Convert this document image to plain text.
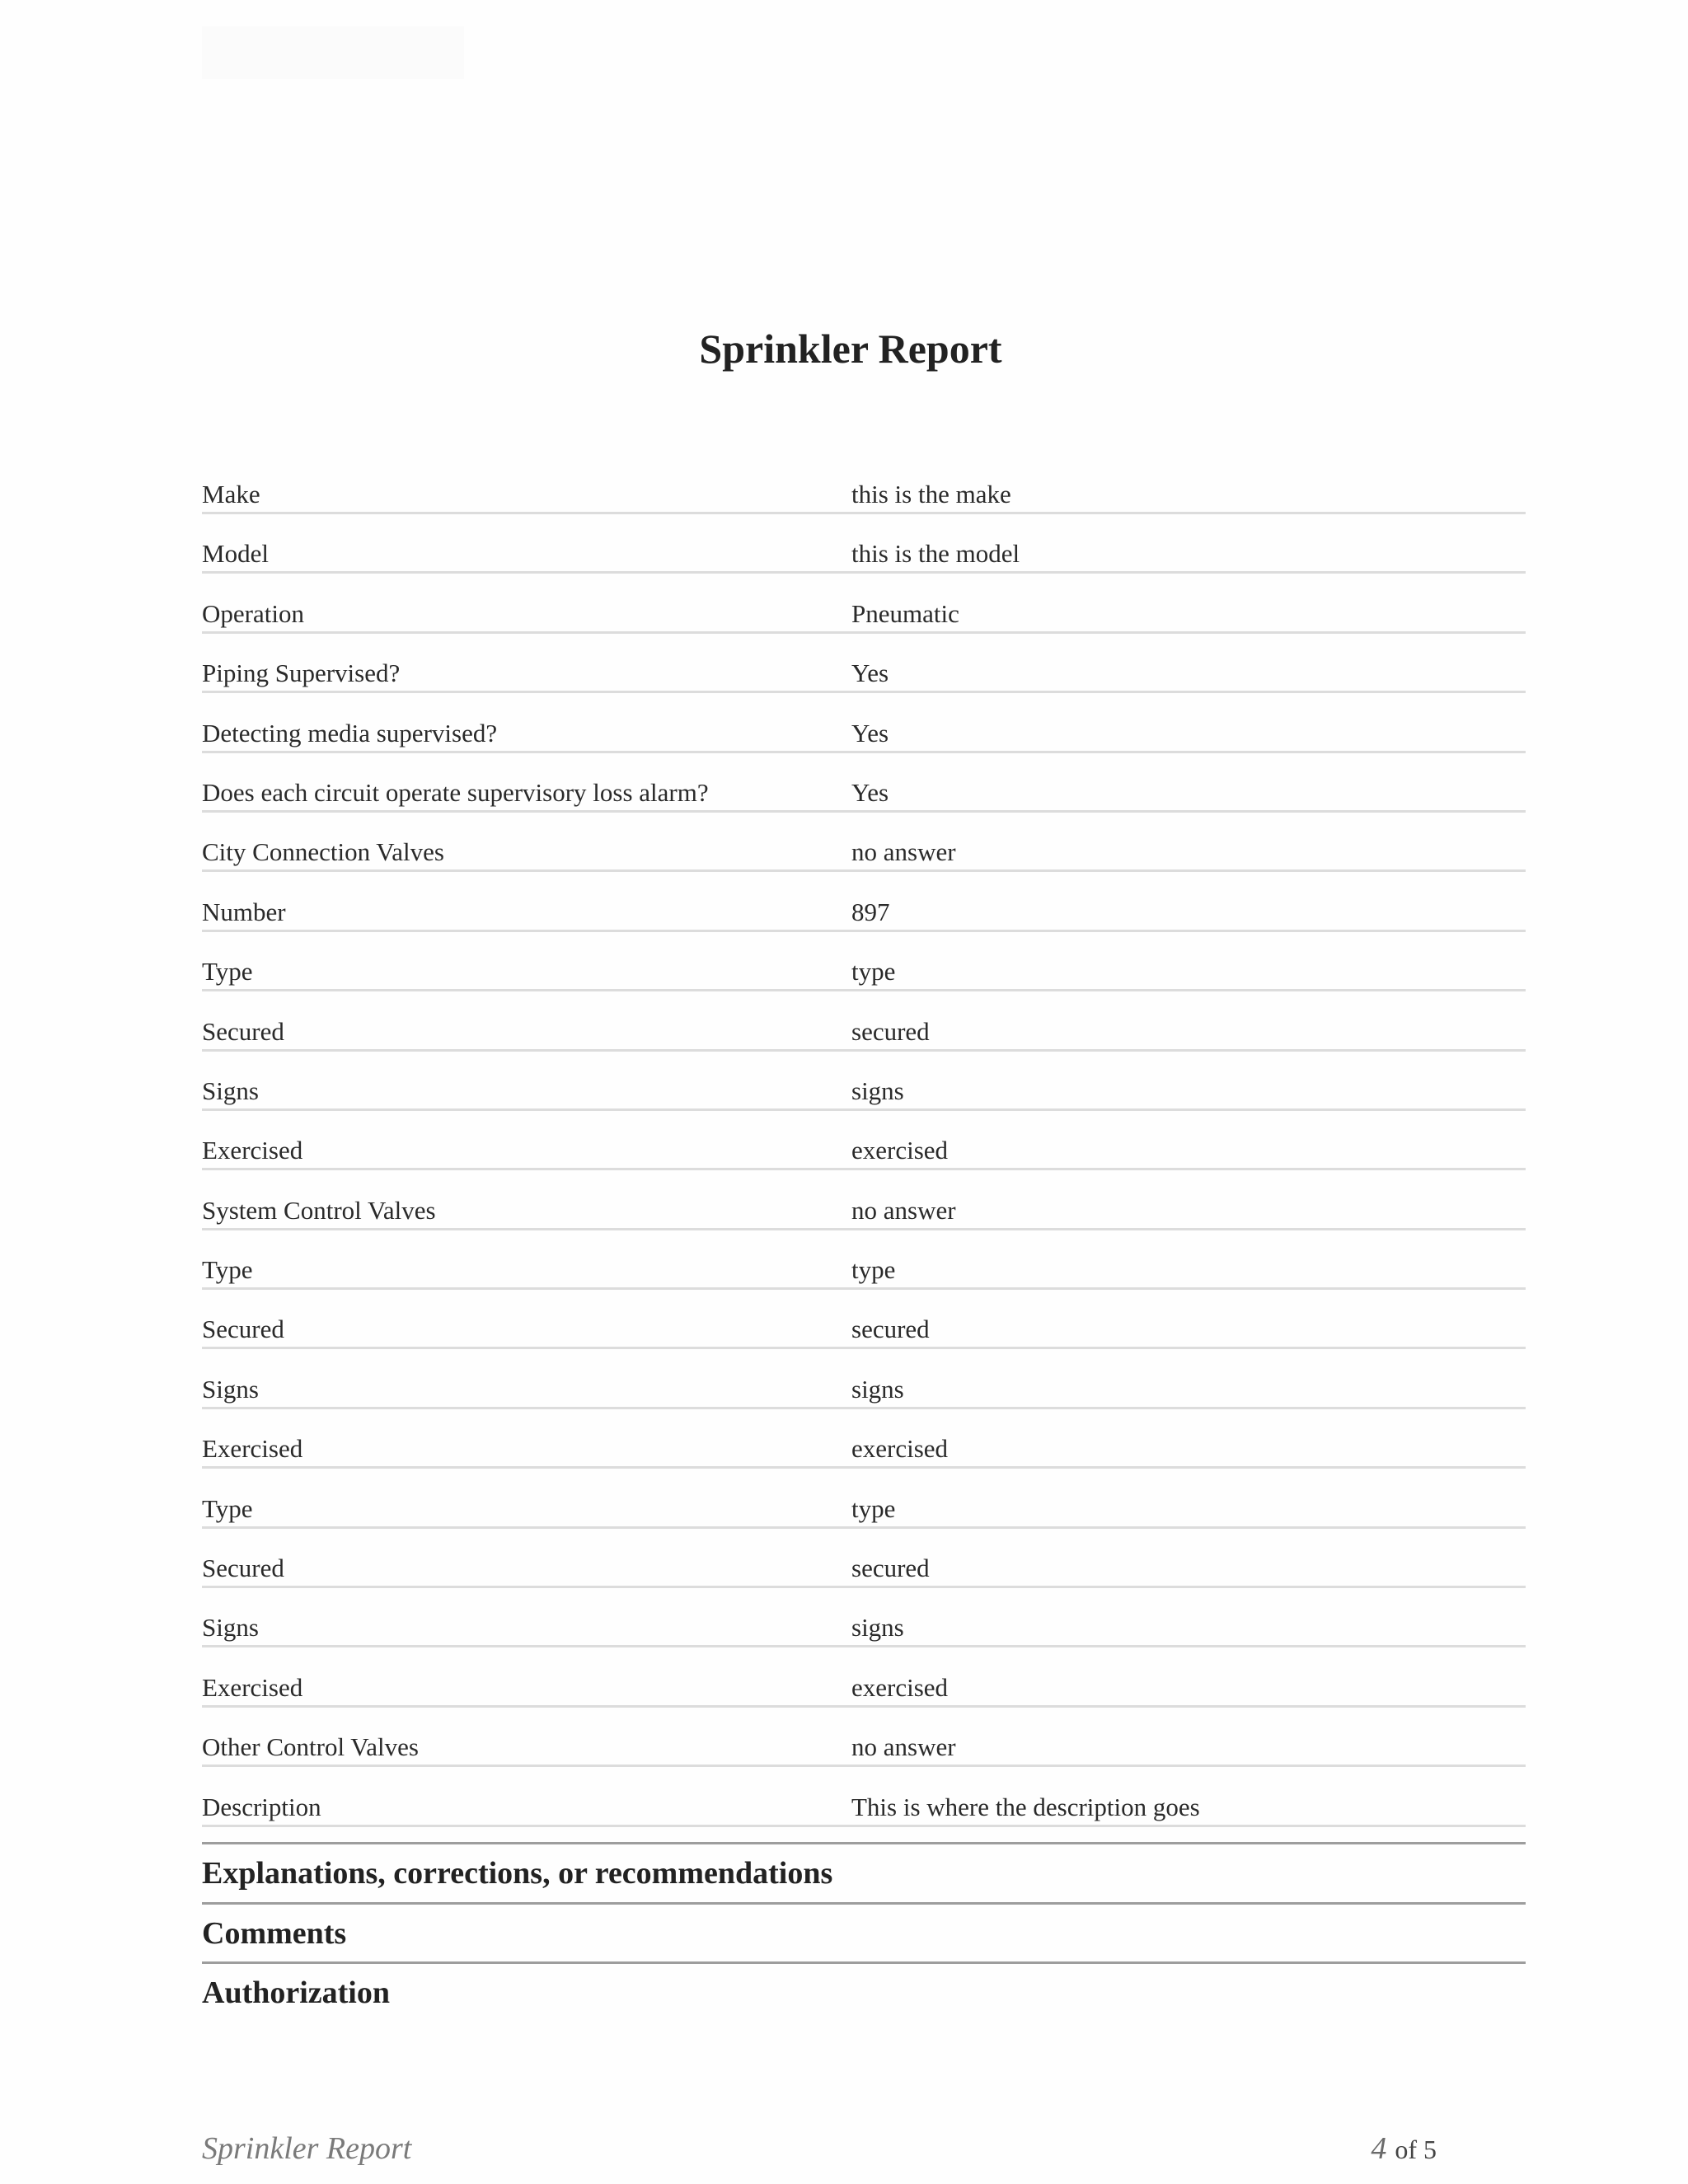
Sprinkler Report
Make	this is the make
Model	this is the model
Operation	Pneumatic
Piping Supervised?	Yes
Detecting media supervised?	Yes
Does each circuit operate supervisory loss alarm?	Yes
City Connection Valves	no answer
Number	897
Type	type
Secured	secured
Signs	signs
Exercised	exercised
System Control Valves	no answer
Type	type
Secured	secured
Signs	signs
Exercised	exercised
Type	type
Secured	secured
Signs	signs
Exercised	exercised
Other Control Valves	no answer
Description	This is where the description goes
Explanations, corrections, or recommendations
Comments
Authorization
Sprinkler Report	4 of 5
